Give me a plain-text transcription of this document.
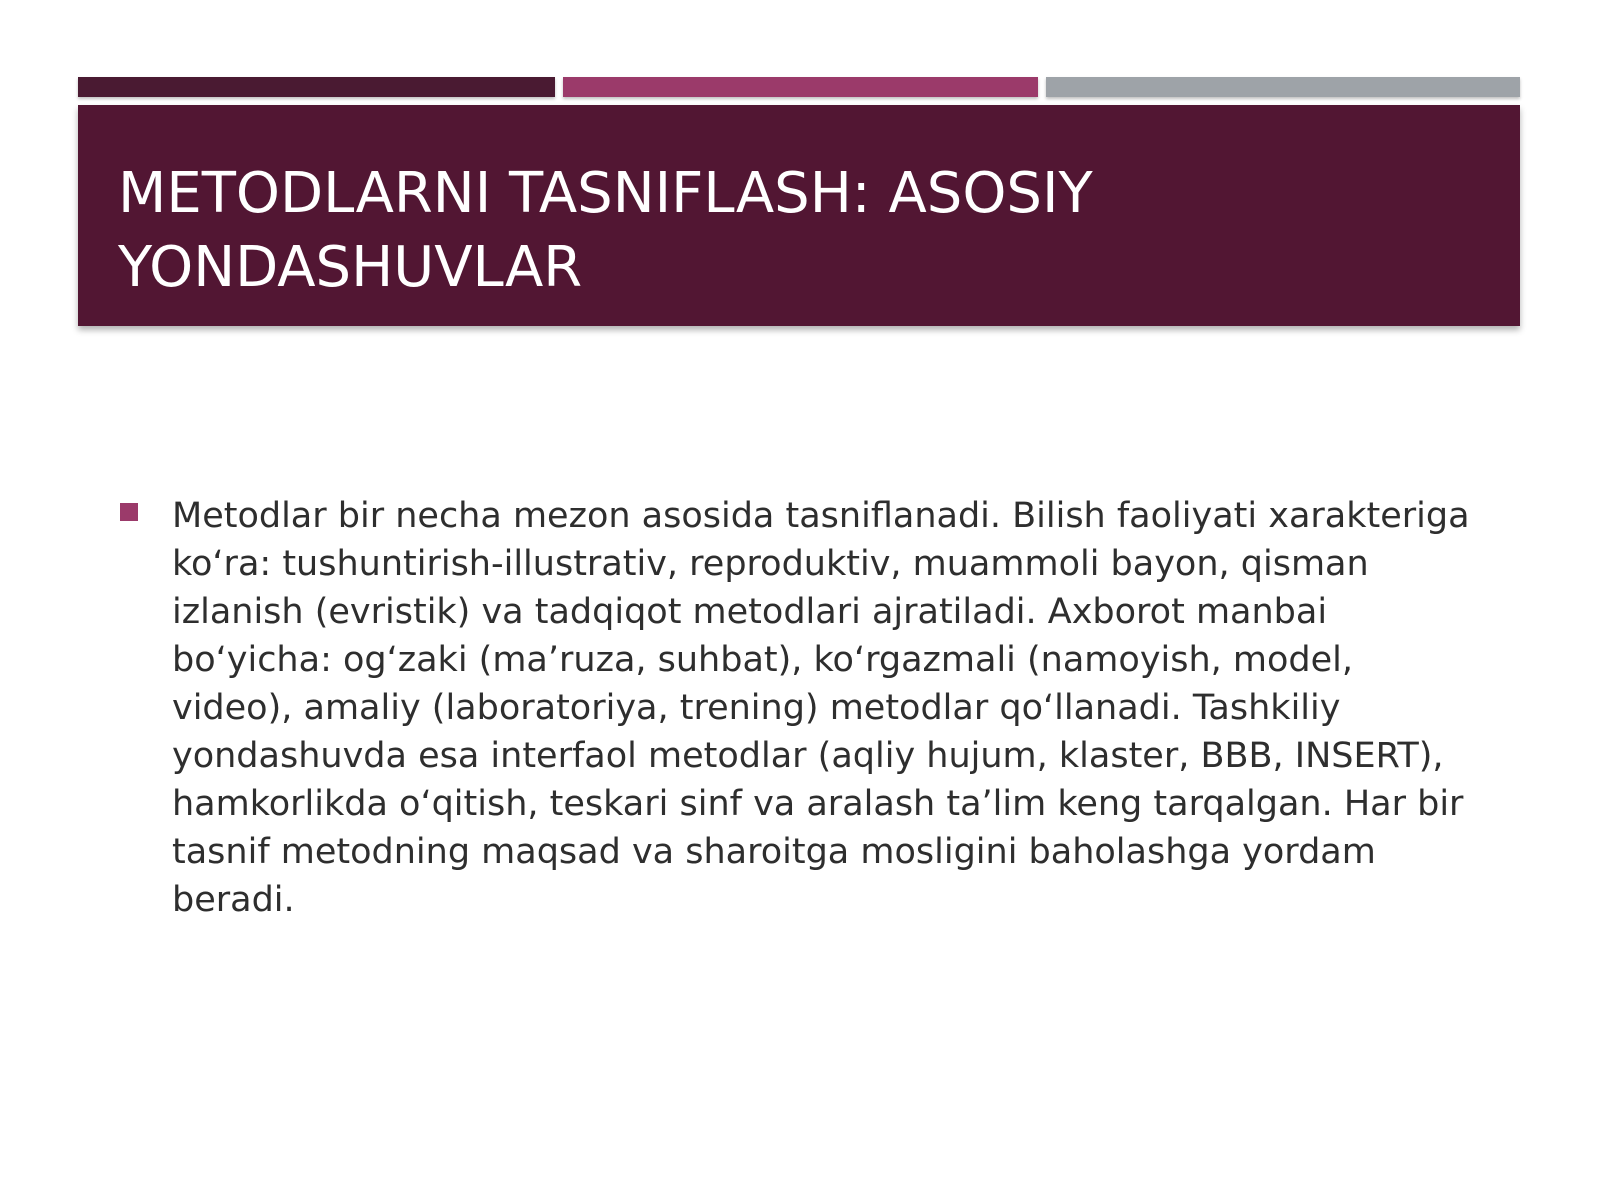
METODLARNI TASNIFLASH: ASOSIY YONDASHUVLAR

Metodlar bir necha mezon asosida tasniflanadi. Bilish faoliyati xarakteriga koʻra: tushuntirish-illustrativ, reproduktiv, muammoli bayon, qisman izlanish (evristik) va tadqiqot metodlari ajratiladi. Axborot manbai boʻyicha: ogʻzaki (maʼruza, suhbat), koʻrgazmali (namoyish, model, video), amaliy (laboratoriya, trening) metodlar qoʻllanadi. Tashkiliy yondashuvda esa interfaol metodlar (aqliy hujum, klaster, BBB, INSERT), hamkorlikda oʻqitish, teskari sinf va aralash taʼlim keng tarqalgan. Har bir tasnif metodning maqsad va sharoitga mosligini baholashga yordam beradi.
